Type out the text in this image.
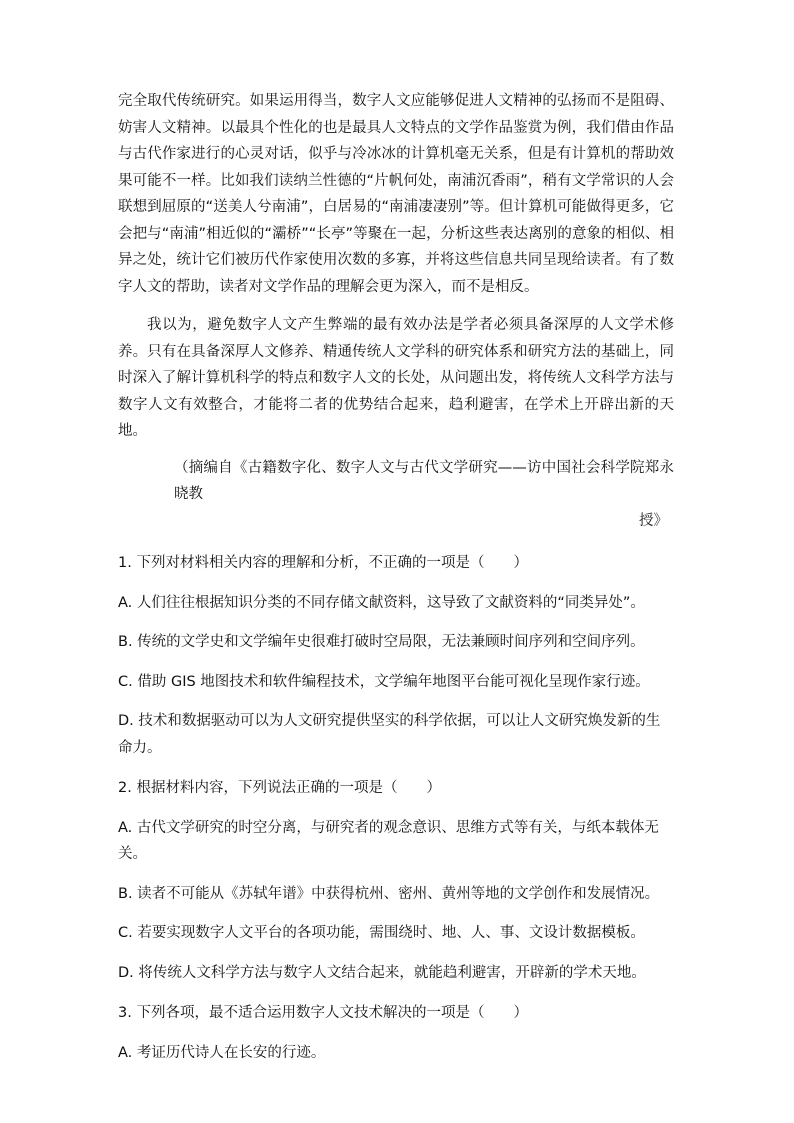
完全取代传统研究。如果运用得当，数字人文应能够促进人文精神的弘扬而不是阻碍、妨害人文精神。以最具个性化的也是最具人文特点的文学作品鉴赏为例，我们借由作品与古代作家进行的心灵对话，似乎与冷冰冰的计算机毫无关系，但是有计算机的帮助效果可能不一样。比如我们读纳兰性德的“片帆何处，南浦沉香雨”，稍有文学常识的人会联想到屈原的“送美人兮南浦”，白居易的“南浦凄凄别”等。但计算机可能做得更多，它会把与“南浦”相近似的“灞桥”“长亭”等聚在一起，分析这些表达离别的意象的相似、相异之处，统计它们被历代作家使用次数的多寡，并将这些信息共同呈现给读者。有了数字人文的帮助，读者对文学作品的理解会更为深入，而不是相反。

我以为，避免数字人文产生弊端的最有效办法是学者必须具备深厚的人文学术修养。只有在具备深厚人文修养、精通传统人文学科的研究体系和研究方法的基础上，同时深入了解计算机科学的特点和数字人文的长处，从问题出发，将传统人文科学方法与数字人文有效整合，才能将二者的优势结合起来，趋利避害，在学术上开辟出新的天地。

（摘编自《古籍数字化、数字人文与古代文学研究——访中国社会科学院郑永晓教
授》

1. 下列对材料相关内容的理解和分析，不正确的一项是（　　）

A. 人们往往根据知识分类的不同存储文献资料，这导致了文献资料的“同类异处”。

B. 传统的文学史和文学编年史很难打破时空局限，无法兼顾时间序列和空间序列。

C. 借助 GIS 地图技术和软件编程技术，文学编年地图平台能可视化呈现作家行迹。

D. 技术和数据驱动可以为人文研究提供坚实的科学依据，可以让人文研究焕发新的生命力。

2. 根据材料内容，下列说法正确的一项是（　　）

A. 古代文学研究的时空分离，与研究者的观念意识、思维方式等有关，与纸本载体无关。

B. 读者不可能从《苏轼年谱》中获得杭州、密州、黄州等地的文学创作和发展情况。

C. 若要实现数字人文平台的各项功能，需围绕时、地、人、事、文设计数据模板。

D. 将传统人文科学方法与数字人文结合起来，就能趋利避害，开辟新的学术天地。

3. 下列各项，最不适合运用数字人文技术解决的一项是（　　）

A. 考证历代诗人在长安的行迹。
